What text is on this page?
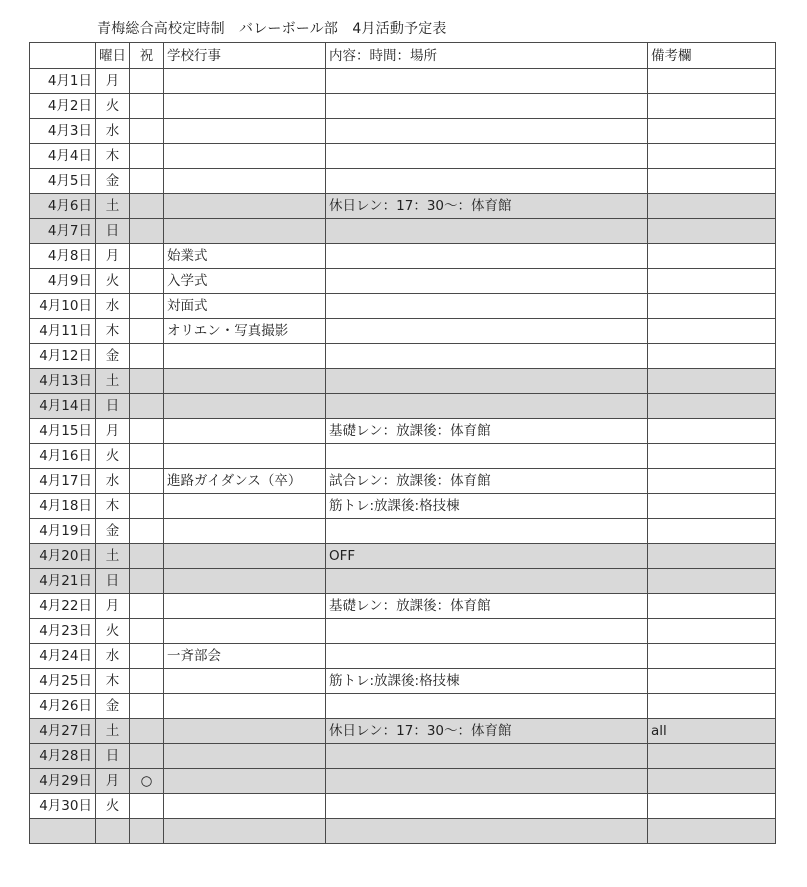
青梅総合高校定時制　バレーボール部　4月活動予定表
	曜日	祝	学校行事	内容：時間：場所	備考欄
4月1日	月				
4月2日	火				
4月3日	水				
4月4日	木				
4月5日	金				
4月6日	土			休日レン：17：30～：体育館	
4月7日	日				
4月8日	月		始業式		
4月9日	火		入学式		
4月10日	水		対面式		
4月11日	木		オリエン・写真撮影		
4月12日	金				
4月13日	土				
4月14日	日				
4月15日	月			基礎レン：放課後：体育館	
4月16日	火				
4月17日	水		進路ガイダンス（卒）	試合レン：放課後：体育館	
4月18日	木			筋トレ:放課後:格技棟	
4月19日	金				
4月20日	土			OFF	
4月21日	日				
4月22日	月			基礎レン：放課後：体育館	
4月23日	火				
4月24日	水		一斉部会		
4月25日	木			筋トレ:放課後:格技棟	
4月26日	金				
4月27日	土			休日レン：17：30～：体育館	all
4月28日	日				
4月29日	月	○			
4月30日	火				
